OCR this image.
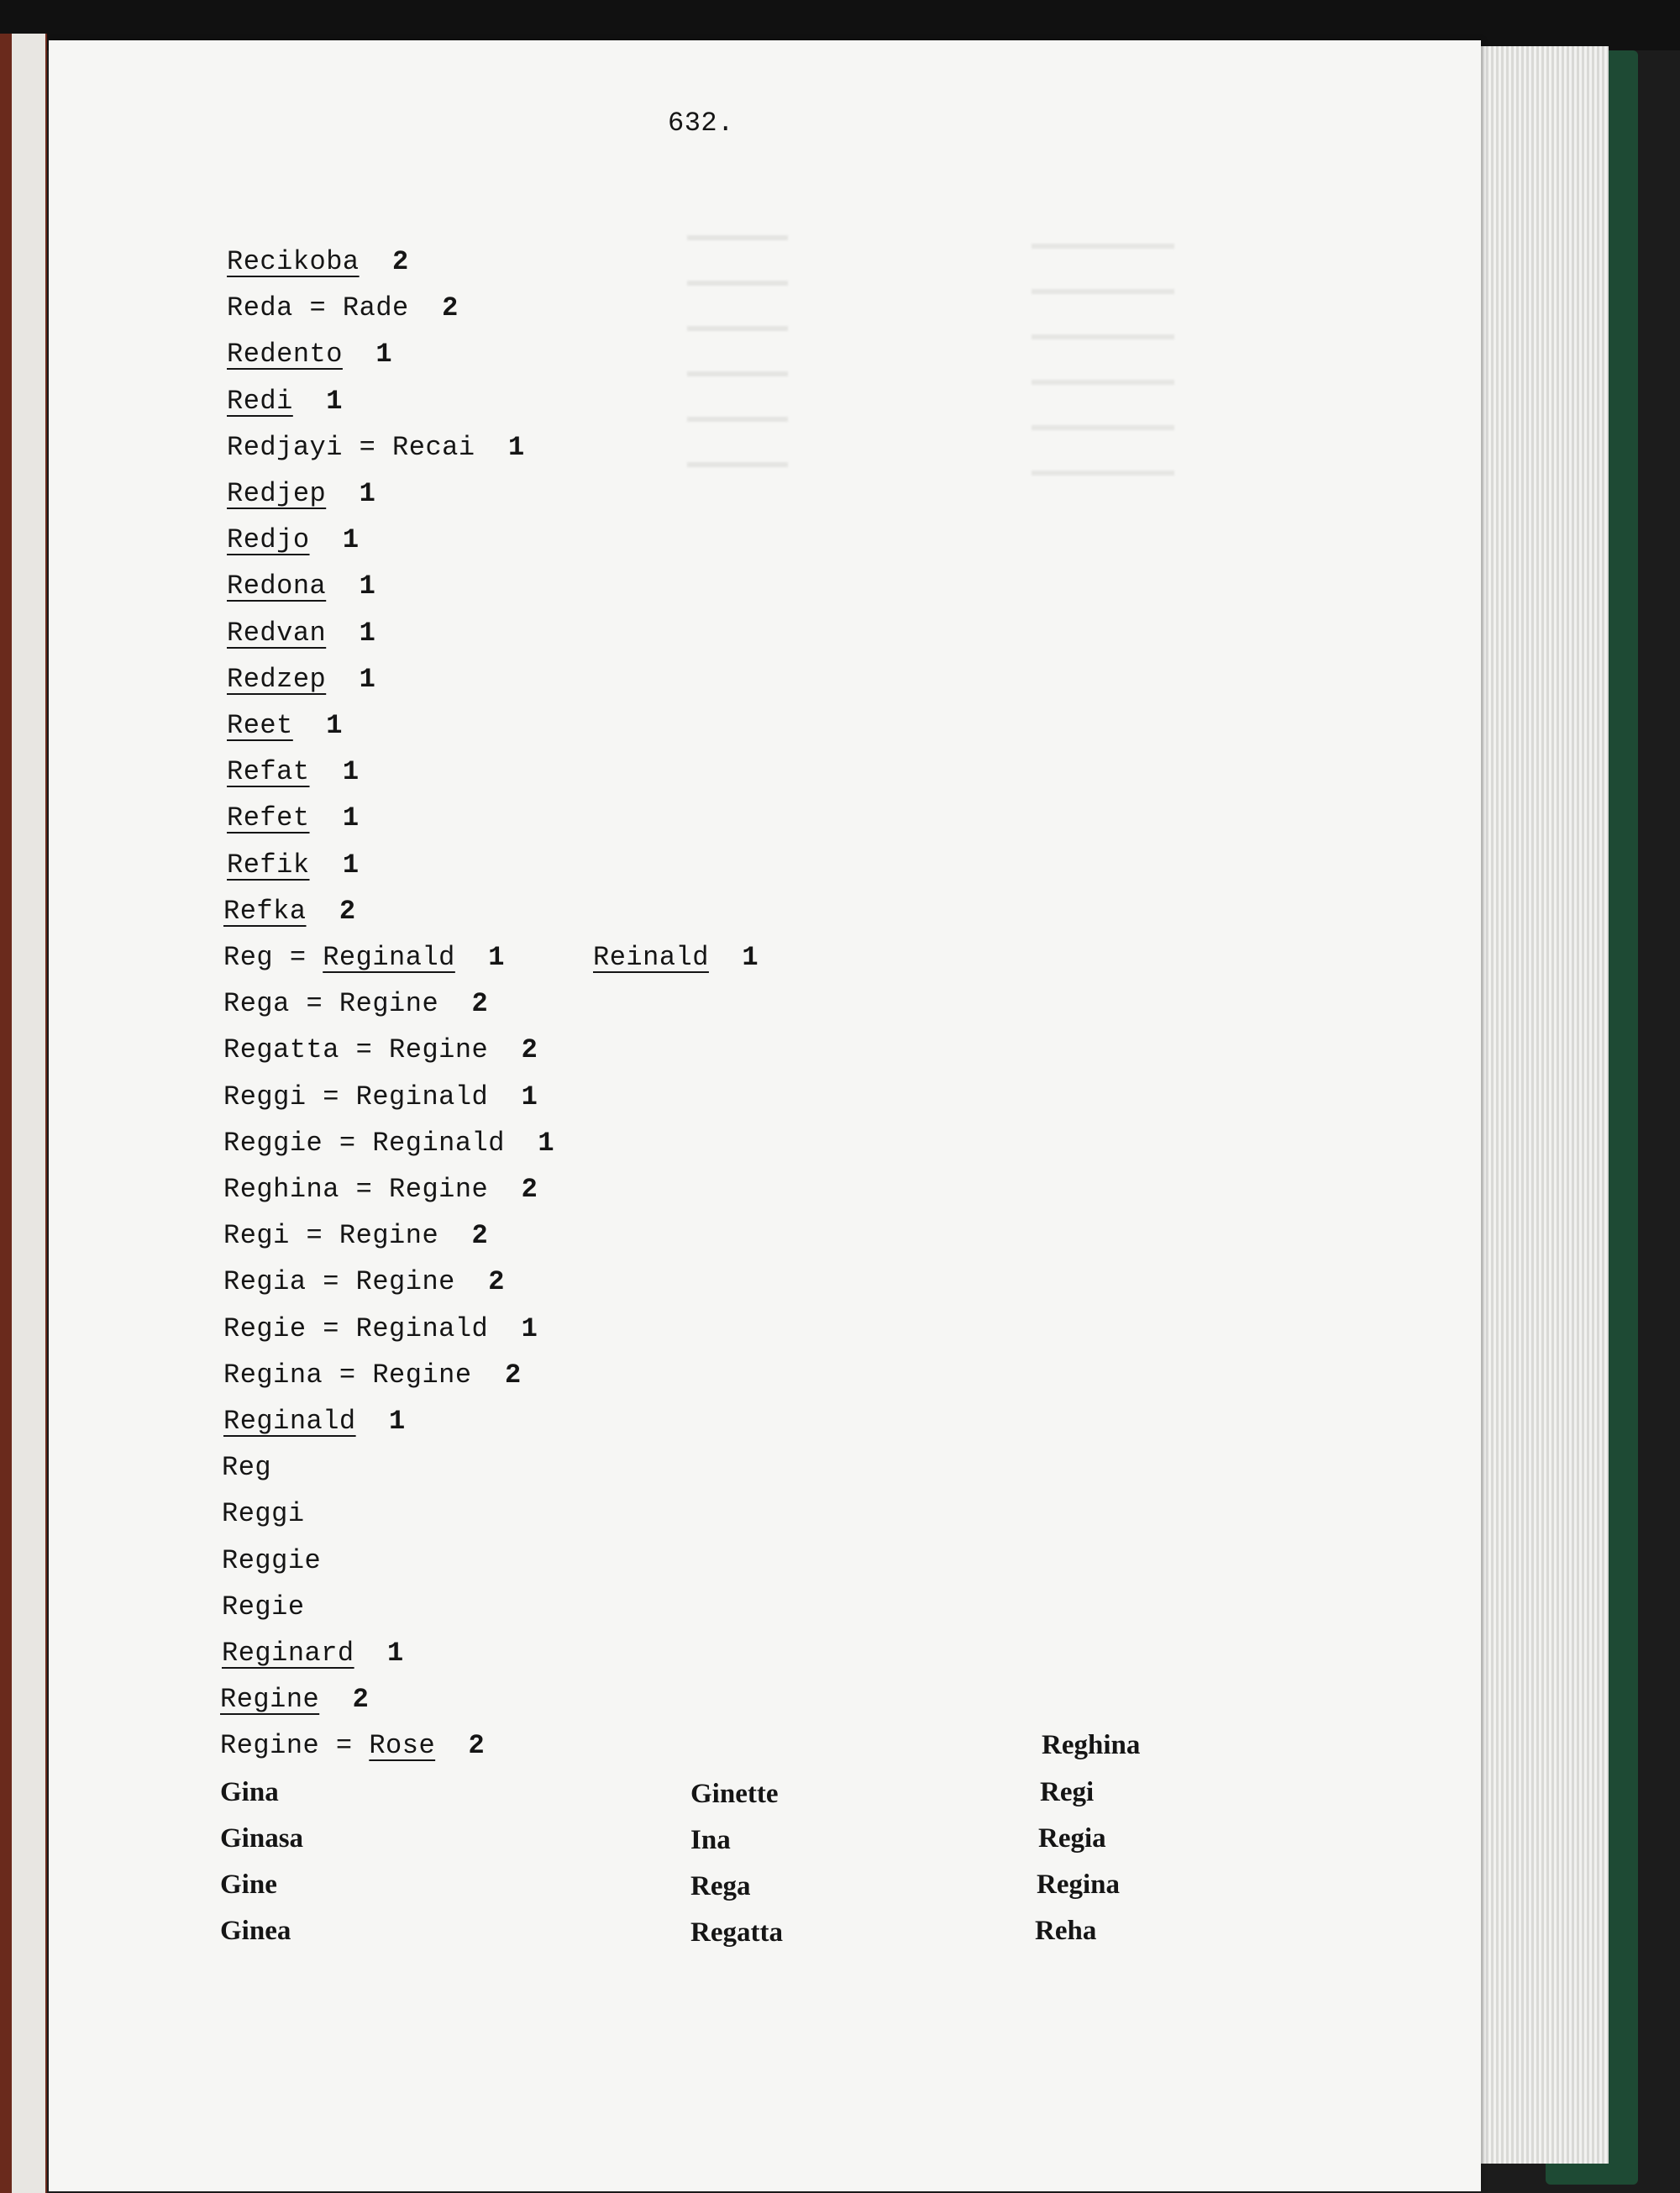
632.
Recikoba  2
Reda = Rade  2
Redento  1
Redi  1
Redjayi = Recai  1
Redjep  1
Redjo  1
Redona  1
Redvan  1
Redzep  1
Reet  1
Refat  1
Refet  1
Refik  1
Refka  2
Reg = Reginald  1	Reinald  1
Rega = Regine  2
Regatta = Regine  2
Reggi = Reginald  1
Reggie = Reginald  1
Reghina = Regine  2
Regi = Regine  2
Regia = Regine  2
Regie = Reginald  1
Regina = Regine  2
Reginald  1
Reg
Reggi
Reggie
Regie
Reginard  1
Regine  2
Regine = Rose  2
Gina
Ginasa
Gine
Ginea
Ginette
Ina
Rega
Regatta
Reghina
Regi
Regia
Regina
Reha
